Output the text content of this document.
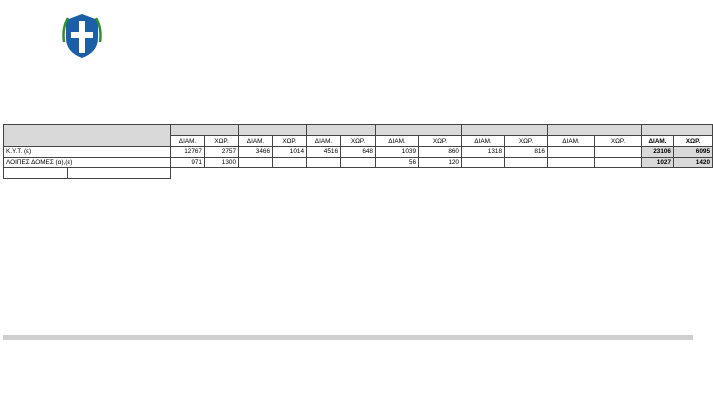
		ΔΙΑΜ.	ΧΩΡ.	ΔΙΑΜ.	ΧΩΡ.	ΔΙΑΜ.	ΧΩΡ.	ΔΙΑΜ.	ΧΩΡ.	ΔΙΑΜ.	ΧΩΡ.	ΔΙΑΜ.	ΧΩΡ.	ΔΙΑΜ.	ΧΩΡ.
Κ.Υ.Τ. (ε)		12767	2757	3466	1014	4516	648	1039	860	1318	816			23106	6095
ΛΟΙΠΕΣ ΔΟΜΕΣ (α),(ε)		971	1300					56	120					1027	1420
